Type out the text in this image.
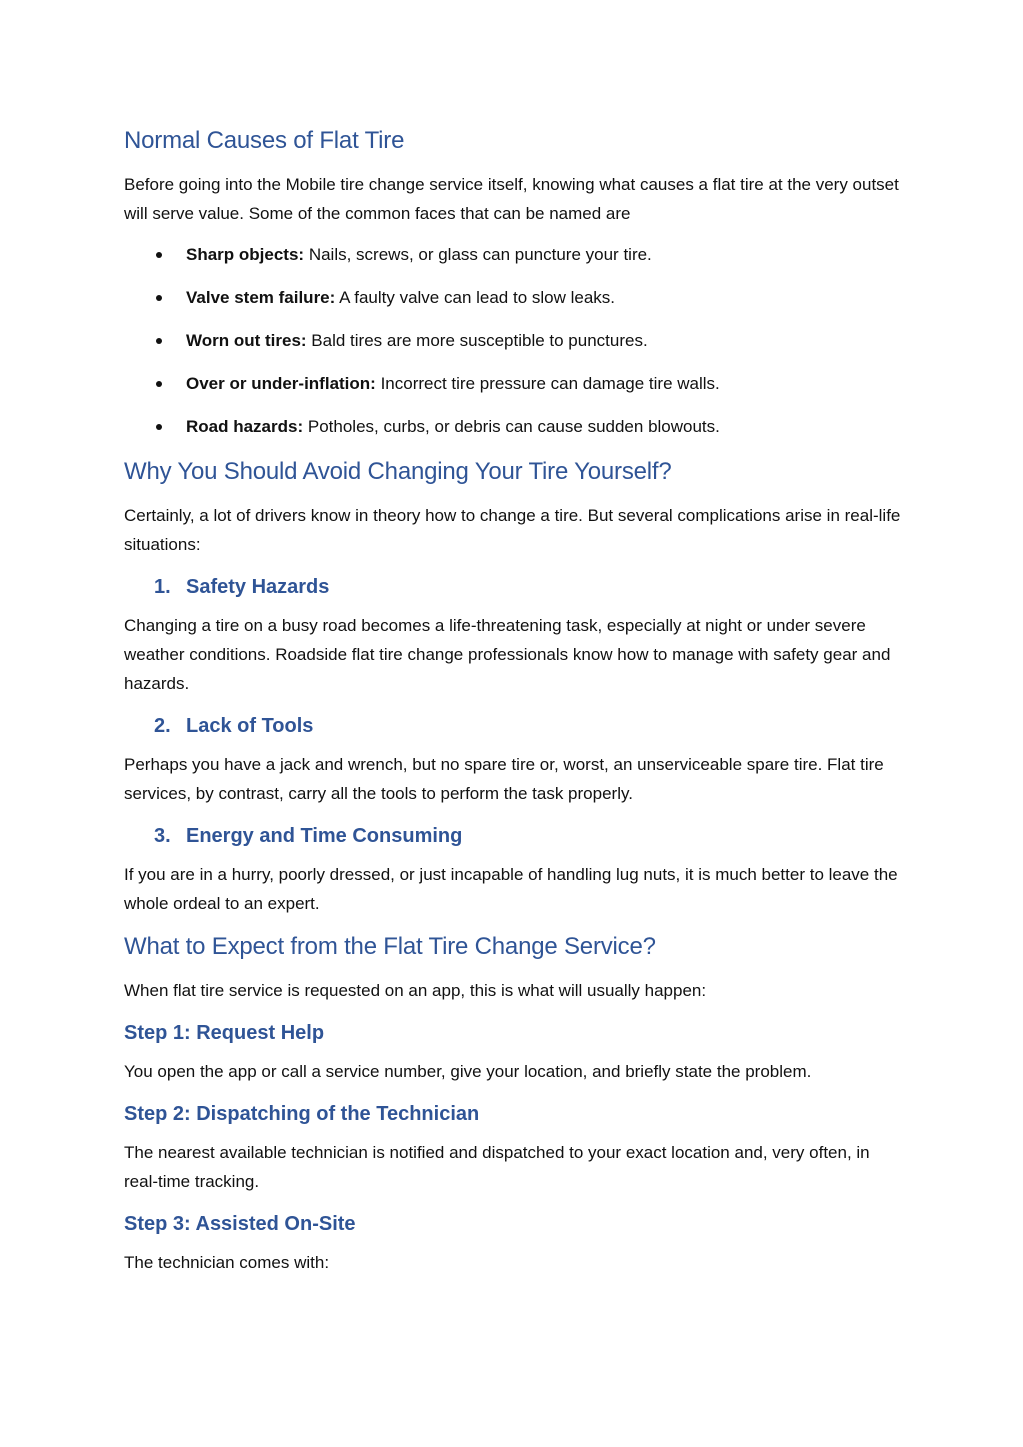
Normal Causes of Flat Tire

Before going into the Mobile tire change service itself, knowing what causes a flat tire at the very outset will serve value. Some of the common faces that can be named are

Sharp objects: Nails, screws, or glass can puncture your tire.
Valve stem failure: A faulty valve can lead to slow leaks.
Worn out tires: Bald tires are more susceptible to punctures.
Over or under-inflation: Incorrect tire pressure can damage tire walls.
Road hazards: Potholes, curbs, or debris can cause sudden blowouts.
Why You Should Avoid Changing Your Tire Yourself?

Certainly, a lot of drivers know in theory how to change a tire. But several complications arise in real-life situations:

1. Safety Hazards

Changing a tire on a busy road becomes a life-threatening task, especially at night or under severe weather conditions. Roadside flat tire change professionals know how to manage with safety gear and hazards.

2. Lack of Tools

Perhaps you have a jack and wrench, but no spare tire or, worst, an unserviceable spare tire. Flat tire services, by contrast, carry all the tools to perform the task properly.

3. Energy and Time Consuming

If you are in a hurry, poorly dressed, or just incapable of handling lug nuts, it is much better to leave the whole ordeal to an expert.

What to Expect from the Flat Tire Change Service?

When flat tire service is requested on an app, this is what will usually happen:

Step 1: Request Help

You open the app or call a service number, give your location, and briefly state the problem.

Step 2: Dispatching of the Technician

The nearest available technician is notified and dispatched to your exact location and, very often, in real-time tracking.

Step 3: Assisted On-Site

The technician comes with:
